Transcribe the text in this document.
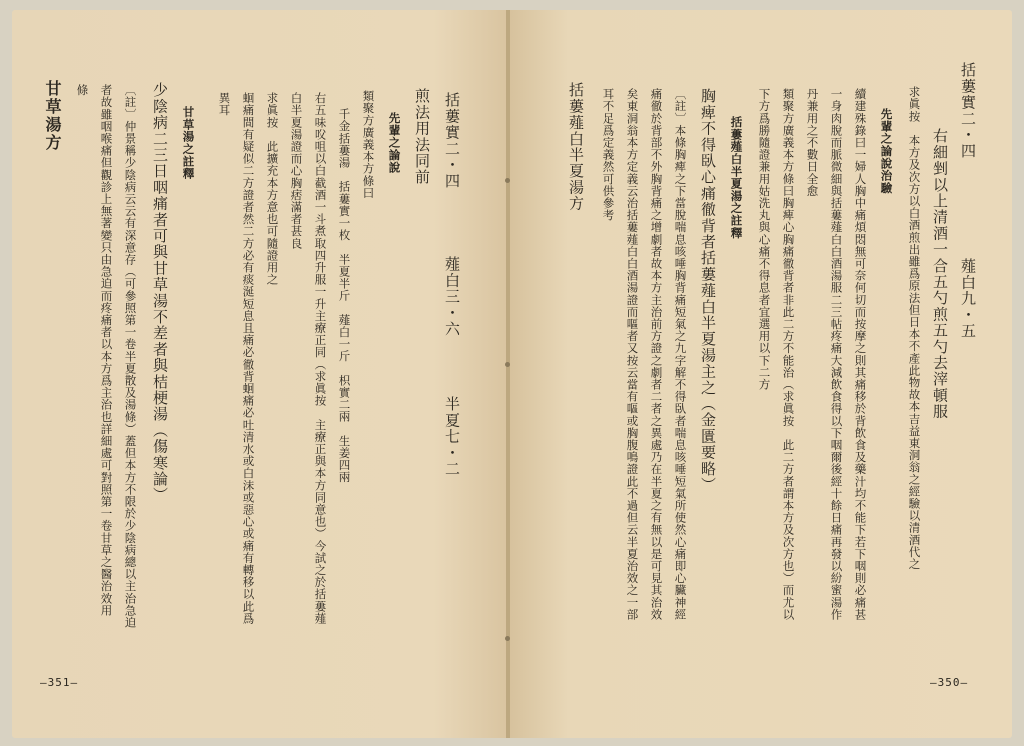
括蔞實二・四
薤白九・五
右細剉以上清酒一合五勺煎五勺去滓頓服
求眞按　本方及次方以白酒煎出雖爲原法但日本不產此物故本吉益東洞翁之經驗以清酒代之
先輩之論說治驗
續建殊錄曰一婦人胸中痛煩悶無可奈何切而按摩之則其痛移於背飲食及藥汁均不能下若下咽則必痛甚
一身肉脫而脈微細與括蔞薤白白酒湯服二三帖疼痛大減飲食得以下咽爾後經十餘日痛再發以紛蜜湯作
丹兼用之不數日全愈
類聚方廣義本方條曰胸痺心胸痛徹背者非此二方不能治（求眞按　此二方者謂本方及次方也）而尤以
下方爲勝隨證兼用姑洗丸與心痛不得息者宜選用以下二方
括蔞薤白半夏湯之註釋
胸痺不得臥心痛徹背者括蔞薤白半夏湯主之（金匱要略）
〔註〕本條胸痺之下當脫喘息咳唾胸背痛短氣之九字解不得臥者喘息咳唾短氣所使然心痛即心臟神經
痛徹於背部不外胸背痛之增劇者故本方主治前方證之劇者二者之異處乃在半夏之有無以是可見其治效
矣東洞翁本方定義云治括蔞薤白白酒湯證而嘔者又按云當有嘔或胸腹鳴證此不過但云半夏治效之一部
耳不足爲定義然可供參考
括蔞薤白半夏湯方
—350—
括蔞實二・四
薤白三・六
半夏七・二
煎法用法同前
先輩之論說
類聚方廣義本方條曰
千金括蔞湯　括蔞實一枚　半夏半斤　薤白一斤　枳實二兩　生姜四兩
右五味㕮咀以白截酒一斗煮取四升服一升主療正同（求眞按　主療正與本方同意也）今試之於括蔞薤
白半夏湯證而心胸痞滿者甚良
求眞按　此擴充本方意也可隨證用之
蛔痛間有疑似二方證者然二方必有痰涎短息且痛必徹背蛔痛必吐清水或白沫或惡心或痛有轉移以此爲
異耳
甘草湯之註釋
少陰病二三日咽痛者可與甘草湯不差者與桔梗湯（傷寒論）
〔註〕仲景稱少陰病云云有深意存（可參照第一卷半夏散及湯條）蓋但本方不限於少陰病總以主治急迫
者故雖咽喉痛但觀診上無著變只由急迫而疼痛者以本方爲主治也詳細處可對照第一卷甘草之醫治效用
條
甘草湯方
—351—
